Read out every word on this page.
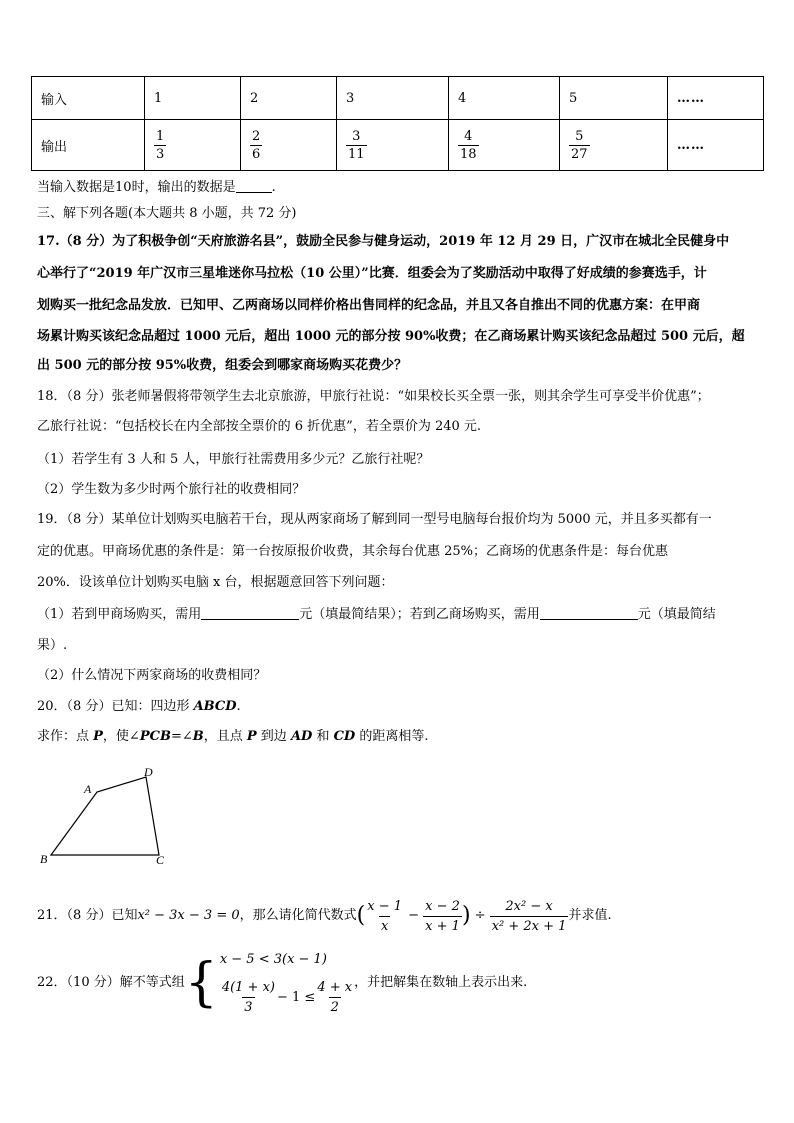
输入	1	2	3	4	5	……
输出	$\frac{1}{3}$	$\frac{2}{6}$	$\frac{3}{11}$	$\frac{4}{18}$	$\frac{5}{27}$	……
当输入数据是10时，输出的数据是	.
三、解下列各题(本大题共 8 小题，共 72 分)
17.（8 分）为了积极争创“天府旅游名县”，鼓励全民参与健身运动，2019 年 12 月 29 日，广汉市在城北全民健身中
心举行了“2019 年广汉市三星堆迷你马拉松（10 公里）”比赛．组委会为了奖励活动中取得了好成绩的参赛选手，计
划购买一批纪念品发放．已知甲、乙两商场以同样价格出售同样的纪念品，并且又各自推出不同的优惠方案：在甲商
场累计购买该纪念品超过 1000 元后，超出 1000 元的部分按 90%收费；在乙商场累计购买该纪念品超过 500 元后，超
出 500 元的部分按 95%收费，组委会到哪家商场购买花费少？
18．（8 分）张老师暑假将带领学生去北京旅游，甲旅行社说：“如果校长买全票一张，则其余学生可享受半价优惠”；
乙旅行社说：“包括校长在内全部按全票价的 6 折优惠”，若全票价为 240 元.
（1）若学生有 3 人和 5 人，甲旅行社需费用多少元？乙旅行社呢？
（2）学生数为多少时两个旅行社的收费相同？
19．（8 分）某单位计划购买电脑若干台，现从两家商场了解到同一型号电脑每台报价均为 5000 元，并且多买都有一
定的优惠。甲商场优惠的条件是：第一台按原报价收费，其余每台优惠 25%；乙商场的优惠条件是：每台优惠
20%．设该单位计划购买电脑 x 台，根据题意回答下列问题：
（1）若到甲商场购买，需用	元（填最简结果）；若到乙商场购买，需用	元（填最简结
果）.
（2）什么情况下两家商场的收费相同？
20．（8 分）已知：四边形 ABCD.
求作：点 P，使∠PCB=∠B，且点 P 到边 AD 和 CD 的距离相等.
A
D
B	C
21．（8 分）已知 x² − 3x − 3 = 0 ，那么请化简代数式 ( $\frac{x - 1}{x} - \frac{x - 2}{x + 1}$ ) ÷ $\frac{\text{2x² − x}}{\text{x² + 2x + 1}}$ 并求值.
22．（10 分）解不等式组 { x − 5 < 3(x − 1)
$\frac{4(1 + x)}{3} - 1 \le \frac{4 + x}{2}$ ，并把解集在数轴上表示出来.
